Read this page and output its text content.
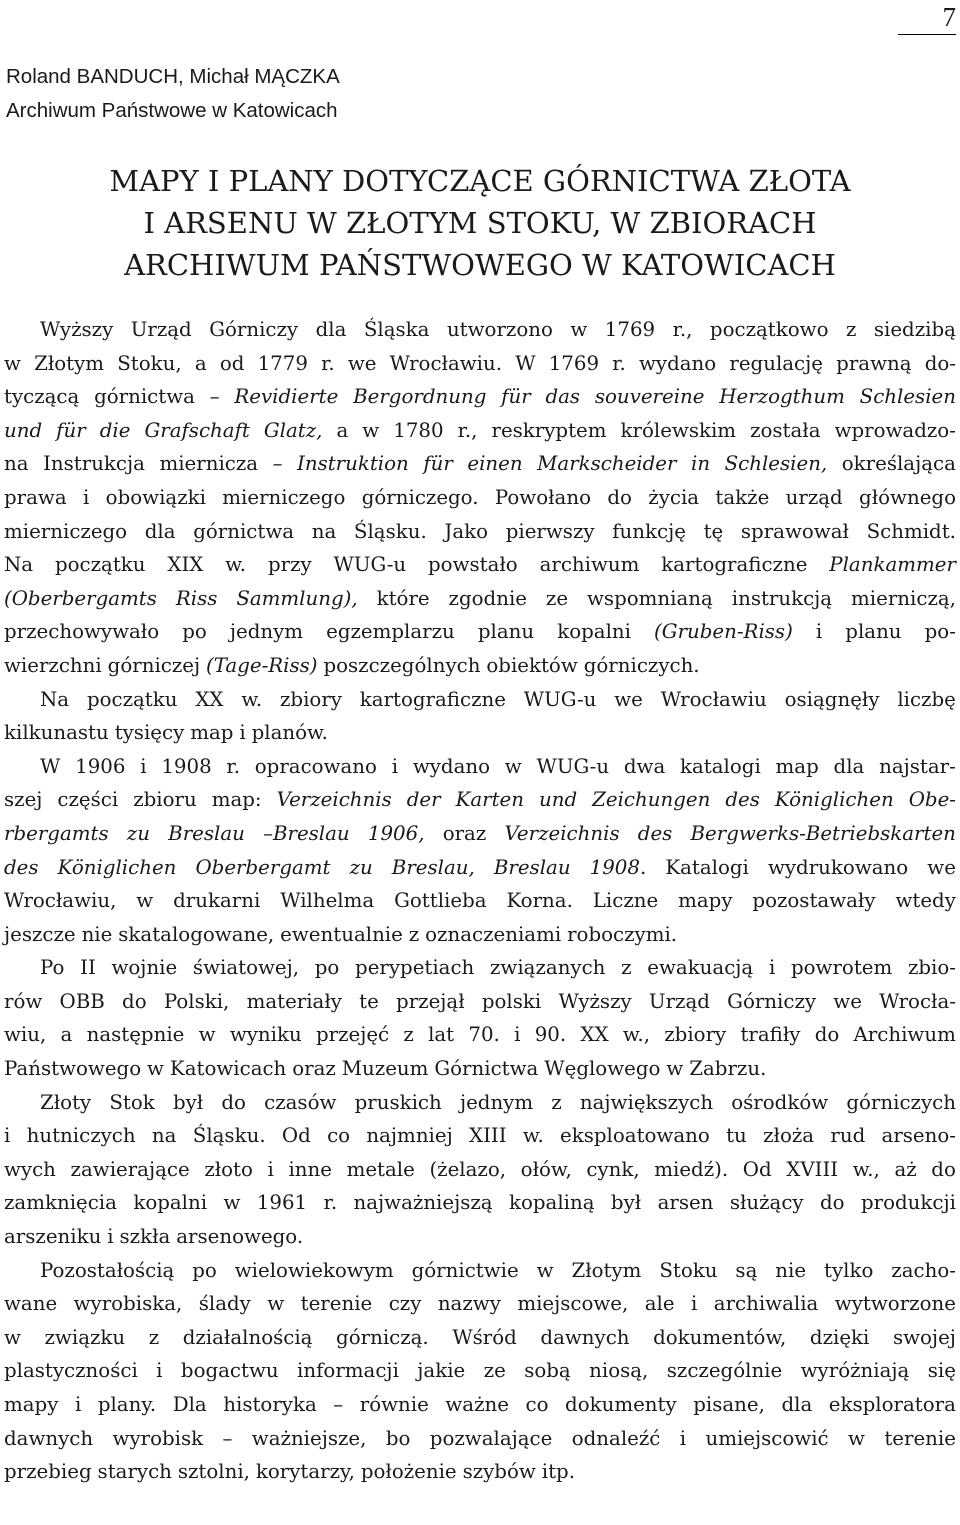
7
Roland BANDUCH, Michał MĄCZKA
Archiwum Państwowe w Katowicach
MAPY I PLANY DOTYCZĄCE GÓRNICTWA ZŁOTA
I ARSENU W ZŁOTYM STOKU, W ZBIORACH
ARCHIWUM PAŃSTWOWEGO W KATOWICACH
Wyższy Urząd Górniczy dla Śląska utworzono w 1769 r., początkowo z siedzibą
w Złotym Stoku, a od 1779 r. we Wrocławiu. W 1769 r. wydano regulację prawną do-
tyczącą górnictwa – Revidierte Bergordnung für das souvereine Herzogthum Schlesien
und für die Grafschaft Glatz, a w 1780 r., reskryptem królewskim została wprowadzo-
na Instrukcja miernicza – Instruktion für einen Markscheider in Schlesien, określająca
prawa i obowiązki mierniczego górniczego. Powołano do życia także urząd głównego
mierniczego dla górnictwa na Śląsku. Jako pierwszy funkcję tę sprawował Schmidt.
Na początku XIX w. przy WUG-u powstało archiwum kartograficzne Plankammer
(Oberbergamts Riss Sammlung), które zgodnie ze wspomnianą instrukcją mierniczą,
przechowywało po jednym egzemplarzu planu kopalni (Gruben-Riss) i planu po-
wierzchni górniczej (Tage-Riss) poszczególnych obiektów górniczych.
Na początku XX w. zbiory kartograficzne WUG-u we Wrocławiu osiągnęły liczbę
kilkunastu tysięcy map i planów.
W 1906 i 1908 r. opracowano i wydano w WUG-u dwa katalogi map dla najstar-
szej części zbioru map: Verzeichnis der Karten und Zeichungen des Königlichen Obe-
rbergamts zu Breslau –Breslau 1906, oraz Verzeichnis des Bergwerks-Betriebskarten
des Königlichen Oberbergamt zu Breslau, Breslau 1908. Katalogi wydrukowano we
Wrocławiu, w drukarni Wilhelma Gottlieba Korna. Liczne mapy pozostawały wtedy
jeszcze nie skatalogowane, ewentualnie z oznaczeniami roboczymi.
Po II wojnie światowej, po perypetiach związanych z ewakuacją i powrotem zbio-
rów OBB do Polski, materiały te przejął polski Wyższy Urząd Górniczy we Wrocła-
wiu, a następnie w wyniku przejęć z lat 70. i 90. XX w., zbiory trafiły do Archiwum
Państwowego w Katowicach oraz Muzeum Górnictwa Węglowego w Zabrzu.
Złoty Stok był do czasów pruskich jednym z największych ośrodków górniczych
i hutniczych na Śląsku. Od co najmniej XIII w. eksploatowano tu złoża rud arseno-
wych zawierające złoto i inne metale (żelazo, ołów, cynk, miedź). Od XVIII w., aż do
zamknięcia kopalni w 1961 r. najważniejszą kopaliną był arsen służący do produkcji
arszeniku i szkła arsenowego.
Pozostałością po wielowiekowym górnictwie w Złotym Stoku są nie tylko zacho-
wane wyrobiska, ślady w terenie czy nazwy miejscowe, ale i archiwalia wytworzone
w związku z działalnością górniczą. Wśród dawnych dokumentów, dzięki swojej
plastyczności i bogactwu informacji jakie ze sobą niosą, szczególnie wyróżniają się
mapy i plany. Dla historyka – równie ważne co dokumenty pisane, dla eksploratora
dawnych wyrobisk – ważniejsze, bo pozwalające odnaleźć i umiejscowić w terenie
przebieg starych sztolni, korytarzy, położenie szybów itp.
